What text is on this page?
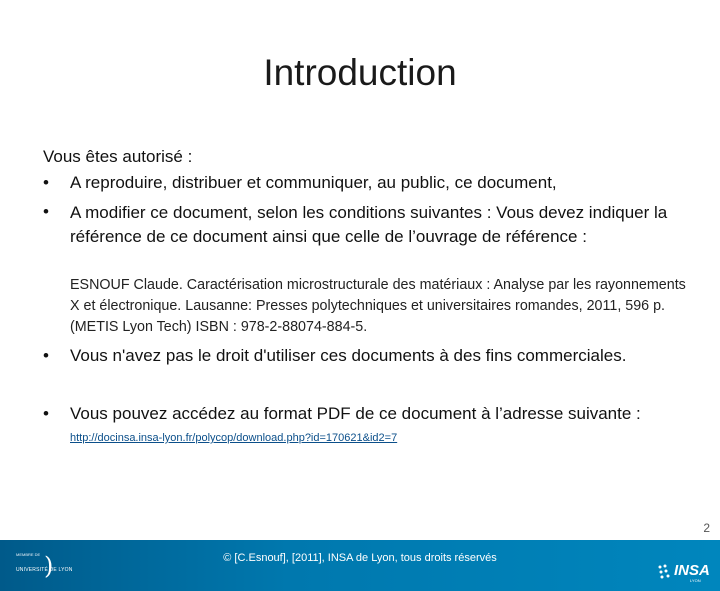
Introduction
Vous êtes autorisé :
•	A reproduire, distribuer et communiquer, au public, ce document,
•	A modifier ce document, selon les conditions suivantes : Vous devez indiquer la référence de ce document ainsi que celle de l’ouvrage de référence :
ESNOUF Claude. Caractérisation microstructurale des matériaux : Analyse par les rayonnements X et électronique. Lausanne: Presses polytechniques et universitaires romandes, 2011, 596 p. (METIS Lyon Tech) ISBN : 978-2-88074-884-5.
•	Vous n'avez pas le droit d'utiliser ces documents à des fins commerciales.
•	Vous pouvez accédez au format PDF de ce document à l’adresse suivante :
http://docinsa.insa-lyon.fr/polycop/download.php?id=170621&id2=7
2
MEMBRE DE )
UNIVERSITÉ DE LYON
© [C.Esnouf], [2011], INSA de Lyon, tous droits réservés
INSA
LYON
